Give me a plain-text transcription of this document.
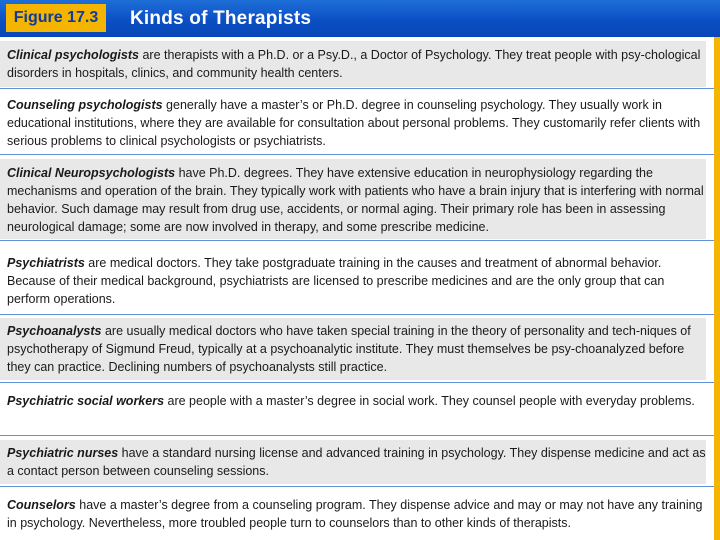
Figure 17.3	Kinds of Therapists
Clinical psychologists are therapists with a Ph.D. or a Psy.D., a Doctor of Psychology. They treat people with psy-chological disorders in hospitals, clinics, and community health centers.
Counseling psychologists generally have a master’s or Ph.D. degree in counseling psychology. They usually work in educational institutions, where they are available for consultation about personal problems. They customarily refer clients with serious problems to clinical psychologists or psychiatrists.
Clinical Neuropsychologists have Ph.D. degrees. They have extensive education in neurophysiology regarding the mechanisms and operation of the brain. They typically work with patients who have a brain injury that is interfering with normal behavior. Such damage may result from drug use, accidents, or normal aging. Their primary role has been in assessing neurological damage; some are now involved in therapy, and some prescribe medicine.
Psychiatrists are medical doctors. They take postgraduate training in the causes and treatment of abnormal behavior. Because of their medical background, psychiatrists are licensed to prescribe medicines and are the only group that can perform operations.
Psychoanalysts are usually medical doctors who have taken special training in the theory of personality and tech-niques of psychotherapy of Sigmund Freud, typically at a psychoanalytic institute. They must themselves be psy-choanalyzed before they can practice. Declining numbers of psychoanalysts still practice.
Psychiatric social workers are people with a master’s degree in social work. They counsel people with everyday problems.
Psychiatric nurses have a standard nursing license and advanced training in psychology. They dispense medicine and act as a contact person between counseling sessions.
Counselors have a master’s degree from a counseling program. They dispense advice and may or may not have any training in psychology. Nevertheless, more troubled people turn to counselors than to other kinds of therapists.
